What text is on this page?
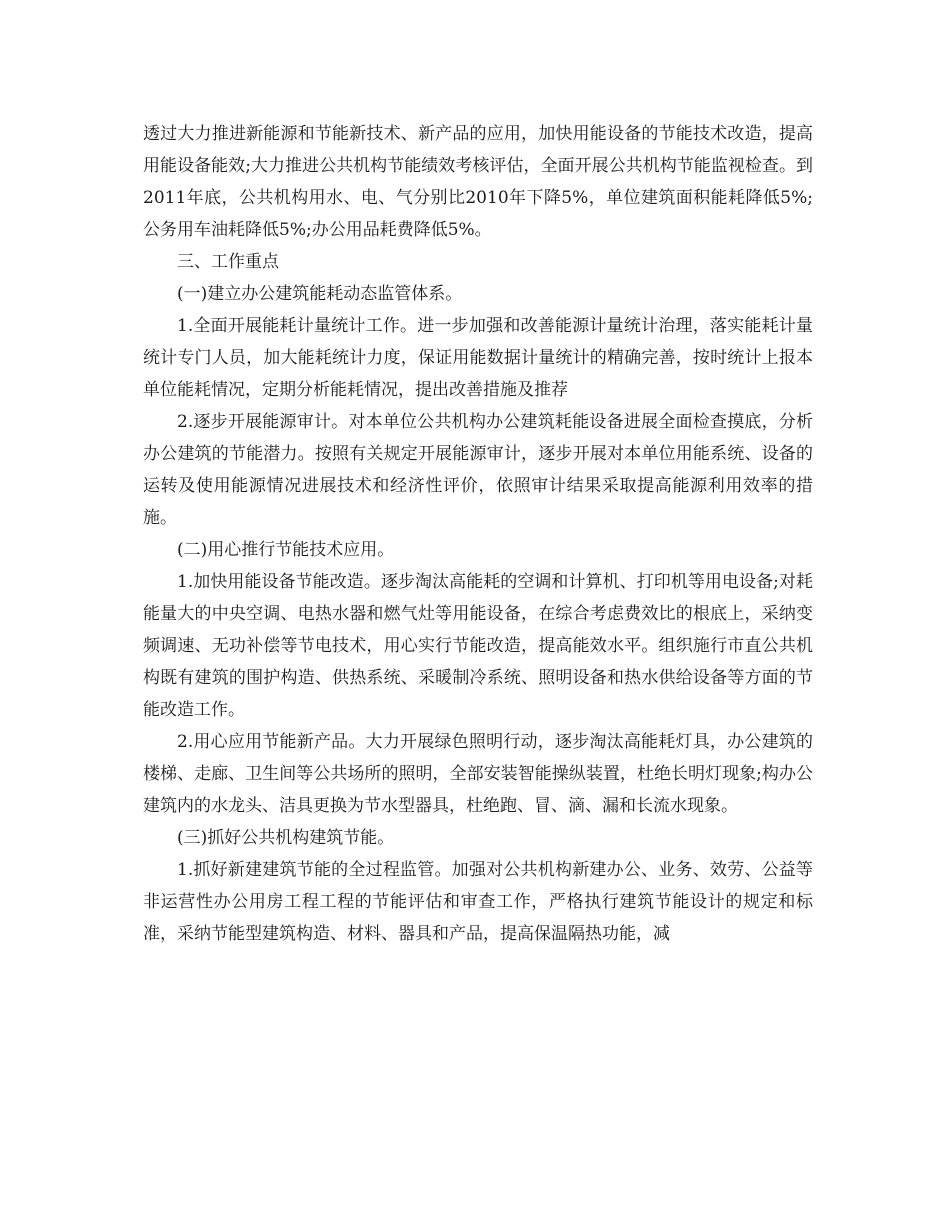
透过大力推进新能源和节能新技术、新产品的应用，加快用能设备的节能技术改造，提高用能设备能效;大力推进公共机构节能绩效考核评估，全面开展公共机构节能监视检查。到2011年底，公共机构用水、电、气分别比2010年下降5%，单位建筑面积能耗降低5%;公务用车油耗降低5%;办公用品耗费降低5%。

三、工作重点

(一)建立办公建筑能耗动态监管体系。

1.全面开展能耗计量统计工作。进一步加强和改善能源计量统计治理，落实能耗计量统计专门人员，加大能耗统计力度，保证用能数据计量统计的精确完善，按时统计上报本单位能耗情况，定期分析能耗情况，提出改善措施及推荐

2.逐步开展能源审计。对本单位公共机构办公建筑耗能设备进展全面检查摸底，分析办公建筑的节能潜力。按照有关规定开展能源审计，逐步开展对本单位用能系统、设备的运转及使用能源情况进展技术和经济性评价，依照审计结果采取提高能源利用效率的措施。

(二)用心推行节能技术应用。

1.加快用能设备节能改造。逐步淘汰高能耗的空调和计算机、打印机等用电设备;对耗能量大的中央空调、电热水器和燃气灶等用能设备，在综合考虑费效比的根底上，采纳变频调速、无功补偿等节电技术，用心实行节能改造，提高能效水平。组织施行市直公共机构既有建筑的围护构造、供热系统、采暖制冷系统、照明设备和热水供给设备等方面的节能改造工作。

2.用心应用节能新产品。大力开展绿色照明行动，逐步淘汰高能耗灯具，办公建筑的楼梯、走廊、卫生间等公共场所的照明，全部安装智能操纵装置，杜绝长明灯现象;构办公建筑内的水龙头、洁具更换为节水型器具，杜绝跑、冒、滴、漏和长流水现象。

(三)抓好公共机构建筑节能。

1.抓好新建建筑节能的全过程监管。加强对公共机构新建办公、业务、效劳、公益等非运营性办公用房工程工程的节能评估和审查工作，严格执行建筑节能设计的规定和标准，采纳节能型建筑构造、材料、器具和产品，提高保温隔热功能，减
